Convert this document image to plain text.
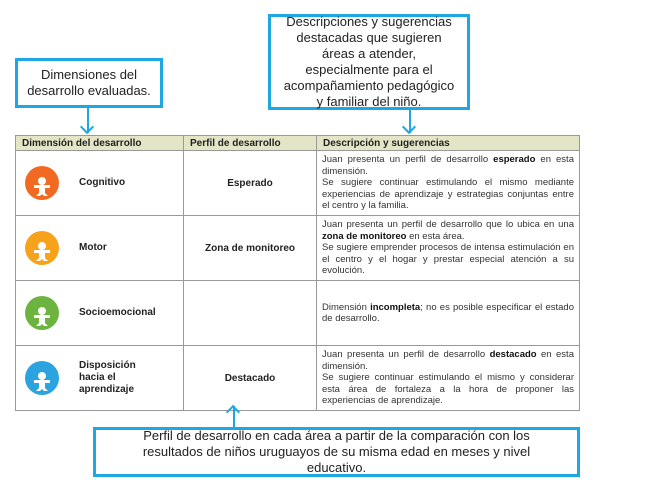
Dimensiones del desarrollo evaluadas.
Descripciones y sugerencias destacadas que sugieren áreas a atender, especialmente para el acompañamiento pedagógico y familiar del niño.
Dimensión del desarrollo	Perfil de desarrollo	Descripción y sugerencias

Cognitivo	Esperado	Juan presenta un perfil de desarrollo esperado en esta dimensión.
Se sugiere continuar estimulando el mismo mediante experiencias de aprendizaje y estrategias conjuntas entre el centro y la familia.

Motor	Zona de monitoreo	Juan presenta un perfil de desarrollo que lo ubica en una zona de monitoreo en esta área.
Se sugiere emprender procesos de intensa estimulación en el centro y el hogar y prestar especial atención a su evolución.

Socioemocional		Dimensión incompleta; no es posible especificar el estado de desarrollo.

Disposición hacia el aprendizaje	Destacado	Juan presenta un perfil de desarrollo destacado en esta dimensión.
Se sugiere continuar estimulando el mismo y considerar esta área de fortaleza a la hora de proponer las experiencias de aprendizaje.
Perfil de desarrollo en cada área a partir de la comparación con los resultados de niños uruguayos de su misma edad en meses y nivel educativo.
